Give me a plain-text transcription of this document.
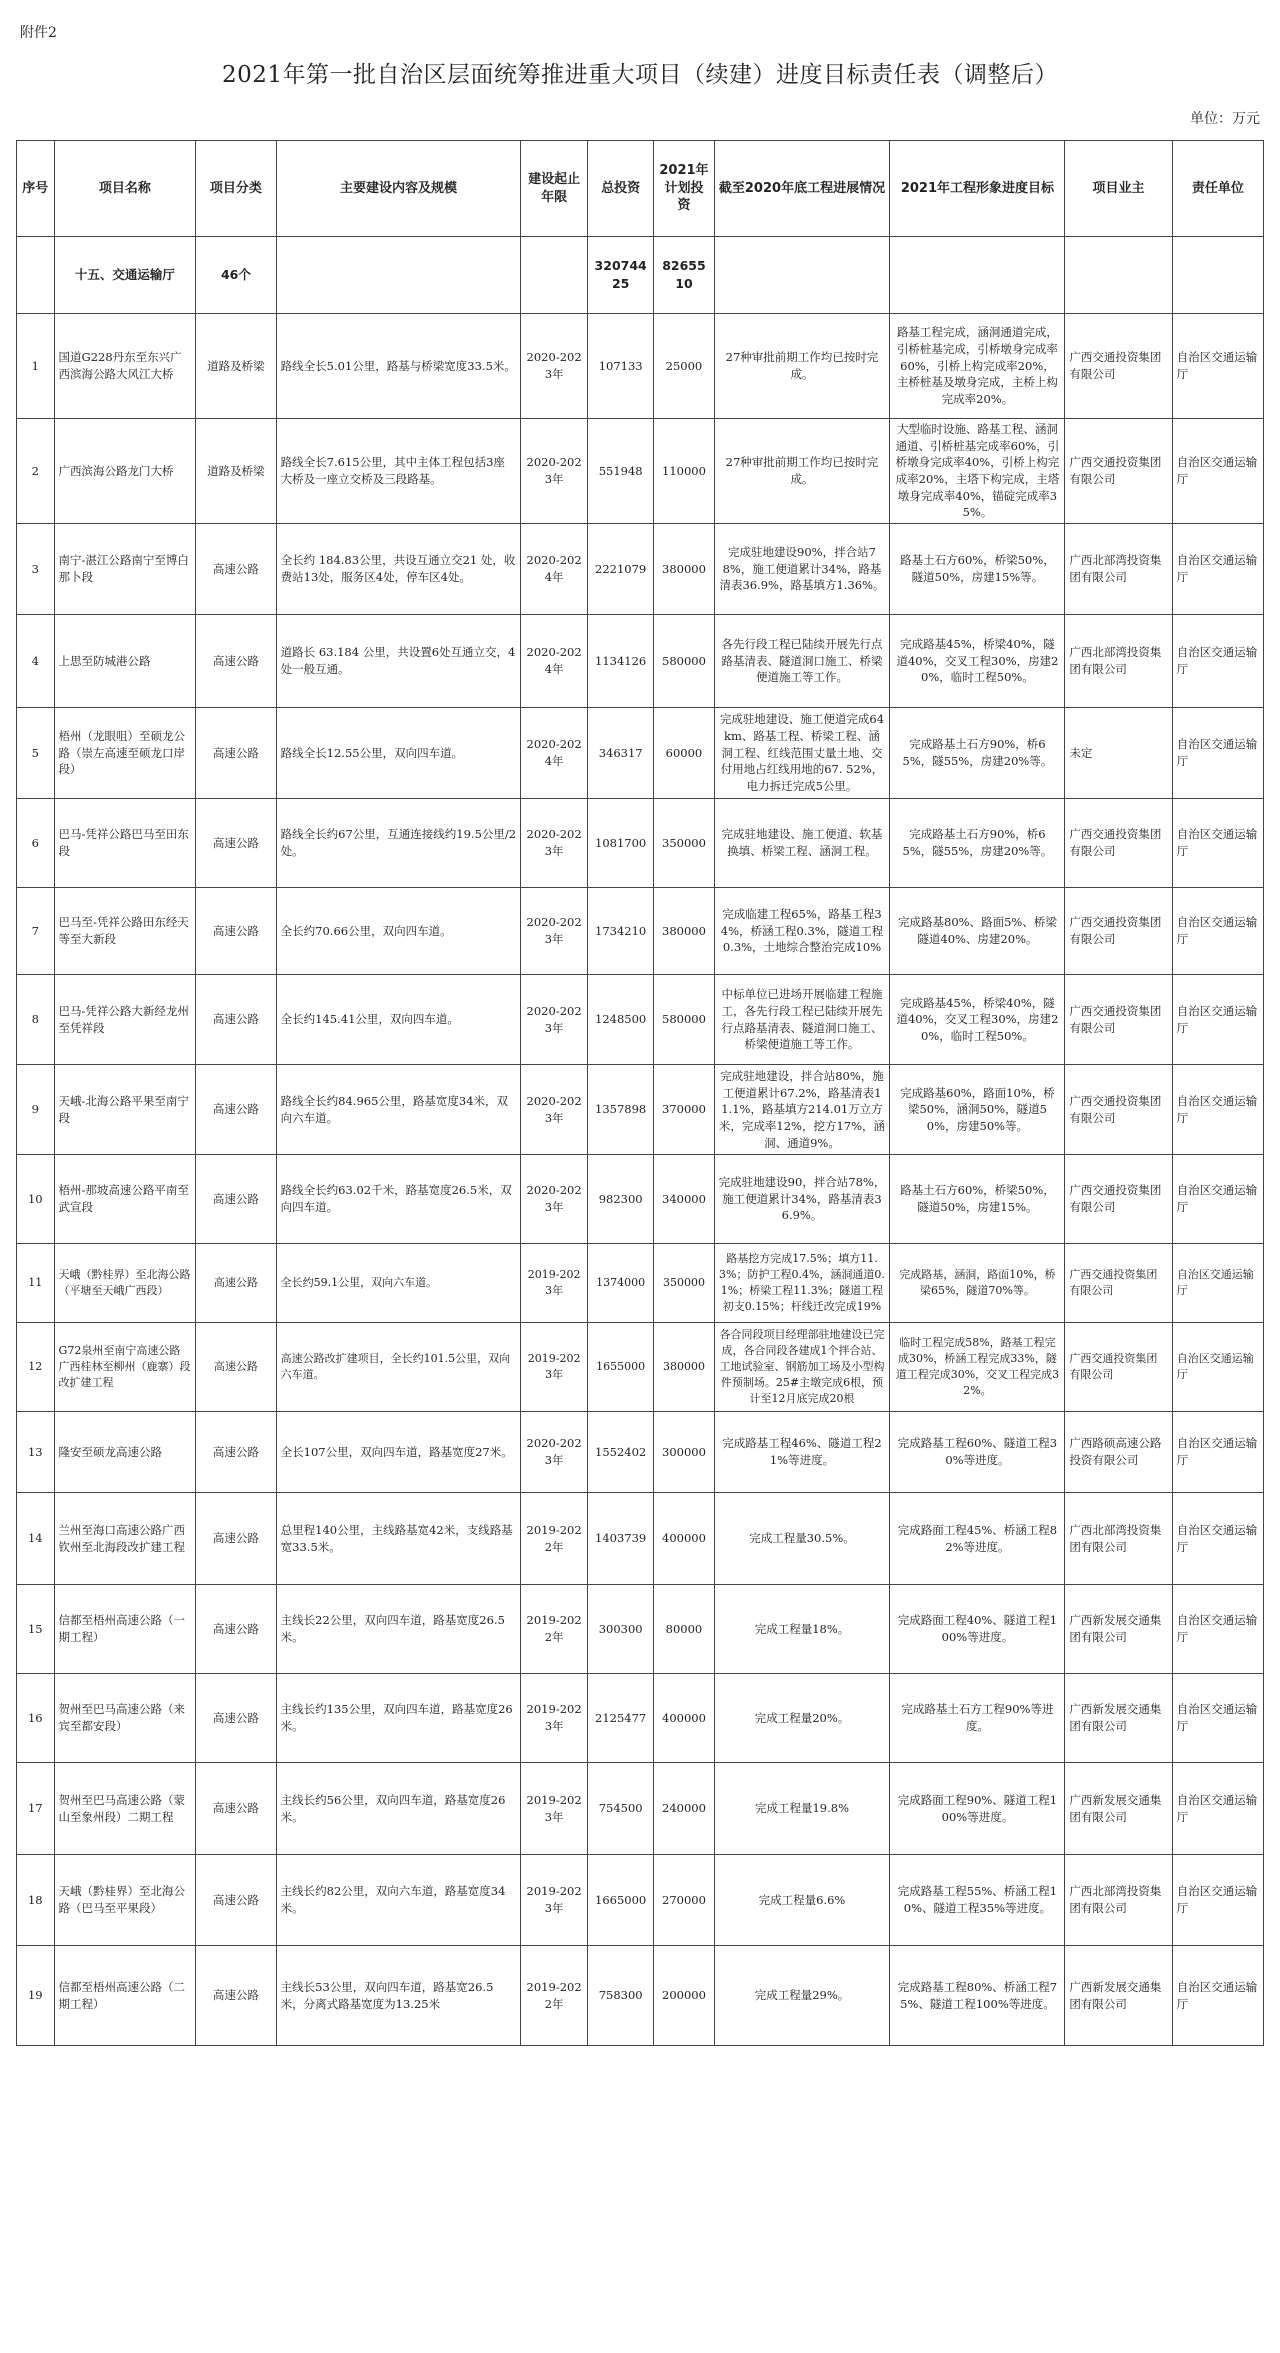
附件2
2021年第一批自治区层面统筹推进重大项目（续建）进度目标责任表（调整后）
单位：万元
序号	项目名称	项目分类	主要建设内容及规模	建设起止年限	总投资	2021年计划投资	截至2020年底工程进展情况	2021年工程形象进度目标	项目业主	责任单位
	十五、交通运输厅	46个			32074425	8265510				
1	国道G228丹东至东兴广西滨海公路大风江大桥	道路及桥梁	路线全长5.01公里，路基与桥梁宽度33.5米。	2020-2023年	107133	25000	27种审批前期工作均已按时完成。	路基工程完成，涵洞通道完成，引桥桩基完成，引桥墩身完成率60%，引桥上构完成率20%，主桥桩基及墩身完成，主桥上构完成率20%。	广西交通投资集团有限公司	自治区交通运输厅
2	广西滨海公路龙门大桥	道路及桥梁	路线全长7.615公里，其中主体工程包括3座大桥及一座立交桥及三段路基。	2020-2023年	551948	110000	27种审批前期工作均已按时完成。	大型临时设施、路基工程、涵洞通道、引桥桩基完成率60%，引桥墩身完成率40%，引桥上构完成率20%，主塔下构完成，主塔墩身完成率40%，锚碇完成率35%。	广西交通投资集团有限公司	自治区交通运输厅
3	南宁-湛江公路南宁至博白那卜段	高速公路	全长约 184.83公里，共设互通立交21 处，收费站13处，服务区4处，停车区4处。	2020-2024年	2221079	380000	完成驻地建设90%，拌合站78%，施工便道累计34%，路基清表36.9%，路基填方1.36%。	路基土石方60%，桥梁50%，隧道50%，房建15%等。	广西北部湾投资集团有限公司	自治区交通运输厅
4	上思至防城港公路	高速公路	道路长 63.184 公里，共设置6处互通立交，4处一般互通。	2020-2024年	1134126	580000	各先行段工程已陆续开展先行点路基清表、隧道洞口施工、桥梁便道施工等工作。	完成路基45%，桥梁40%，隧道40%，交叉工程30%，房建20%，临时工程50%。	广西北部湾投资集团有限公司	自治区交通运输厅
5	梧州（龙眼咀）至硕龙公路（崇左高速至硕龙口岸段）	高速公路	路线全长12.55公里，双向四车道。	2020-2024年	346317	60000	完成驻地建设、施工便道完成64km、路基工程、桥梁工程、涵洞工程、红线范围丈量土地、交付用地占红线用地的67. 52%，电力拆迁完成5公里。	完成路基土石方90%，桥65%，隧55%，房建20%等。	未定	自治区交通运输厅
6	巴马-凭祥公路巴马至田东段	高速公路	路线全长约67公里，互通连接线约19.5公里/2处。	2020-2023年	1081700	350000	完成驻地建设、施工便道、软基换填、桥梁工程、涵洞工程。	完成路基土石方90%，桥65%，隧55%，房建20%等。	广西交通投资集团有限公司	自治区交通运输厅
7	巴马至-凭祥公路田东经天等至大新段	高速公路	全长约70.66公里，双向四车道。	2020-2023年	1734210	380000	完成临建工程65%，路基工程34%，桥涵工程0.3%，隧道工程0.3%，土地综合整治完成10%	完成路基80%、路面5%、桥梁隧道40%、房建20%。	广西交通投资集团有限公司	自治区交通运输厅
8	巴马-凭祥公路大新经龙州至凭祥段	高速公路	全长约145.41公里，双向四车道。	2020-2023年	1248500	580000	中标单位已进场开展临建工程施工，各先行段工程已陆续开展先行点路基清表、隧道洞口施工、桥梁便道施工等工作。	完成路基45%，桥梁40%，隧道40%，交叉工程30%，房建20%，临时工程50%。	广西交通投资集团有限公司	自治区交通运输厅
9	天峨-北海公路平果至南宁段	高速公路	路线全长约84.965公里，路基宽度34米，双向六车道。	2020-2023年	1357898	370000	完成驻地建设，拌合站80%，施工便道累计67.2%，路基清表11.1%，路基填方214.01万立方米，完成率12%，挖方17%，涵洞、通道9%。	完成路基60%，路面10%，桥梁50%，涵洞50%，隧道50%，房建50%等。	广西交通投资集团有限公司	自治区交通运输厅
10	梧州-那坡高速公路平南至武宣段	高速公路	路线全长约63.02千米，路基宽度26.5米，双向四车道。	2020-2023年	982300	340000	完成驻地建设90，拌合站78%，施工便道累计34%，路基清表36.9%。	路基土石方60%，桥梁50%，隧道50%，房建15%。	广西交通投资集团有限公司	自治区交通运输厅
11	天峨（黔桂界）至北海公路（平塘至天峨广西段）	高速公路	全长约59.1公里，双向六车道。	2019-2023年	1374000	350000	路基挖方完成17.5%；填方11.3%；防护工程0.4%，涵洞通道0.1%；桥梁工程11.3%；隧道工程初支0.15%；杆线迁改完成19%	完成路基，涵洞，路面10%，桥梁65%，隧道70%等。	广西交通投资集团有限公司	自治区交通运输厅
12	G72泉州至南宁高速公路广西桂林至柳州（鹿寨）段改扩建工程	高速公路	高速公路改扩建项目，全长约101.5公里，双向六车道。	2019-2023年	1655000	380000	各合同段项目经理部驻地建设已完成，各合同段各建成1个拌合站、工地试验室、钢筋加工场及小型构件预制场。25#主墩完成6根，预计至12月底完成20根	临时工程完成58%，路基工程完成30%，桥涵工程完成33%，隧道工程完成30%，交叉工程完成32%。	广西交通投资集团有限公司	自治区交通运输厅
13	隆安至硕龙高速公路	高速公路	全长107公里，双向四车道，路基宽度27米。	2020-2023年	1552402	300000	完成路基工程46%、隧道工程21%等进度。	完成路基工程60%、隧道工程30%等进度。	广西路硕高速公路投资有限公司	自治区交通运输厅
14	兰州至海口高速公路广西钦州至北海段改扩建工程	高速公路	总里程140公里，主线路基宽42米，支线路基宽33.5米。	2019-2022年	1403739	400000	完成工程量30.5%。	完成路面工程45%、桥涵工程82%等进度。	广西北部湾投资集团有限公司	自治区交通运输厅
15	信都至梧州高速公路（一期工程）	高速公路	主线长22公里，双向四车道，路基宽度26.5米。	2019-2022年	300300	80000	完成工程量18%。	完成路面工程40%、隧道工程100%等进度。	广西新发展交通集团有限公司	自治区交通运输厅
16	贺州至巴马高速公路（来宾至都安段）	高速公路	主线长约135公里，双向四车道，路基宽度26米。	2019-2023年	2125477	400000	完成工程量20%。	完成路基土石方工程90%等进度。	广西新发展交通集团有限公司	自治区交通运输厅
17	贺州至巴马高速公路（蒙山至象州段）二期工程	高速公路	主线长约56公里，双向四车道，路基宽度26米。	2019-2023年	754500	240000	完成工程量19.8%	完成路面工程90%、隧道工程100%等进度。	广西新发展交通集团有限公司	自治区交通运输厅
18	天峨（黔桂界）至北海公路（巴马至平果段）	高速公路	主线长约82公里，双向六车道，路基宽度34米。	2019-2023年	1665000	270000	完成工程量6.6%	完成路基工程55%、桥涵工程10%、隧道工程35%等进度。	广西北部湾投资集团有限公司	自治区交通运输厅
19	信都至梧州高速公路（二期工程）	高速公路	主线长53公里，双向四车道，路基宽26.5米，分离式路基宽度为13.25米	2019-2022年	758300	200000	完成工程量29%。	完成路基工程80%、桥涵工程75%、隧道工程100%等进度。	广西新发展交通集团有限公司	自治区交通运输厅
